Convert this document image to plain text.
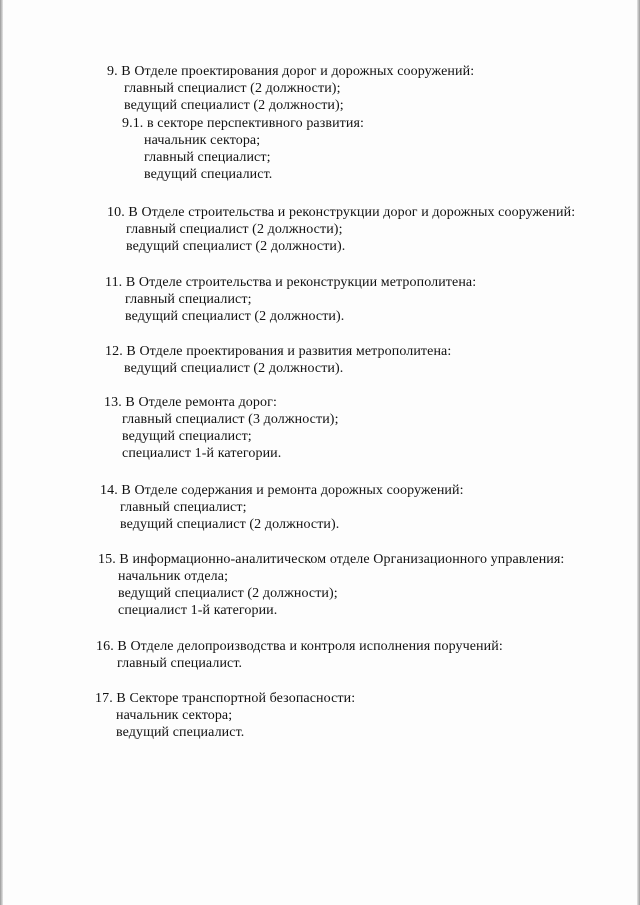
9. В Отделе проектирования дорог и дорожных сооружений:
главный специалист (2 должности);
ведущий специалист (2 должности);
9.1. в секторе перспективного развития:
начальник сектора;
главный специалист;
ведущий специалист.
10. В Отделе строительства и реконструкции дорог и дорожных сооружений:
главный специалист (2 должности);
ведущий специалист (2 должности).
11. В Отделе строительства и реконструкции метрополитена:
главный специалист;
ведущий специалист (2 должности).
12. В Отделе проектирования и развития метрополитена:
ведущий специалист (2 должности).
13. В Отделе ремонта дорог:
главный специалист (3 должности);
ведущий специалист;
специалист 1-й категории.
14. В Отделе содержания и ремонта дорожных сооружений:
главный специалист;
ведущий специалист (2 должности).
15. В информационно-аналитическом отделе Организационного управления:
начальник отдела;
ведущий специалист (2 должности);
специалист 1-й категории.
16. В Отделе делопроизводства и контроля исполнения поручений:
главный специалист.
17. В Секторе транспортной безопасности:
начальник сектора;
ведущий специалист.
